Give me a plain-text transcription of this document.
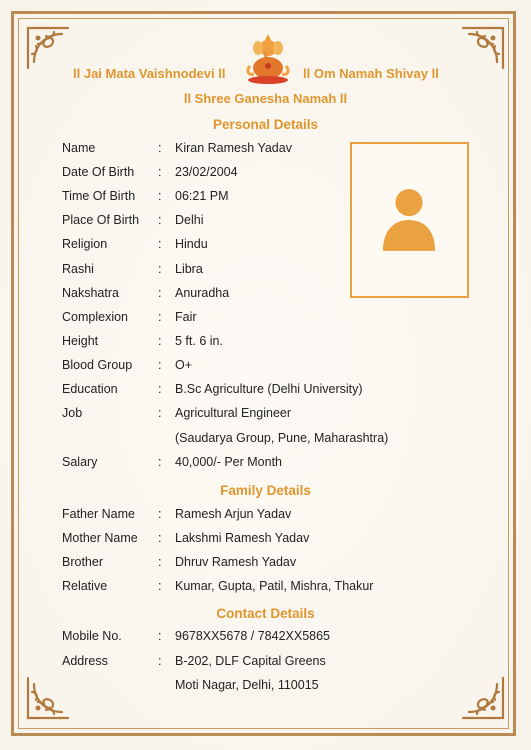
ll Jai Mata Vaishnodevi ll	ll Om Namah Shivay ll
ll Shree Ganesha Namah ll
Personal Details
Name	: Kiran Ramesh Yadav
Date Of Birth	: 23/02/2004
Time Of Birth	: 06:21 PM
Place Of Birth	: Delhi
Religion	: Hindu
Rashi	: Libra
Nakshatra	: Anuradha
Complexion	: Fair
Height	: 5 ft. 6 in.
Blood Group	: O+
Education	: B.Sc Agriculture (Delhi University)
Job	: Agricultural Engineer
(Saudarya Group, Pune, Maharashtra)
Salary	: 40,000/- Per Month
Family Details
Father Name	: Ramesh Arjun Yadav
Mother Name	: Lakshmi Ramesh Yadav
Brother	: Dhruv Ramesh Yadav
Relative	: Kumar, Gupta, Patil, Mishra, Thakur
Contact Details
Mobile No.	: 9678XX5678 / 7842XX5865
Address	: B-202, DLF Capital Greens
Moti Nagar, Delhi, 110015
